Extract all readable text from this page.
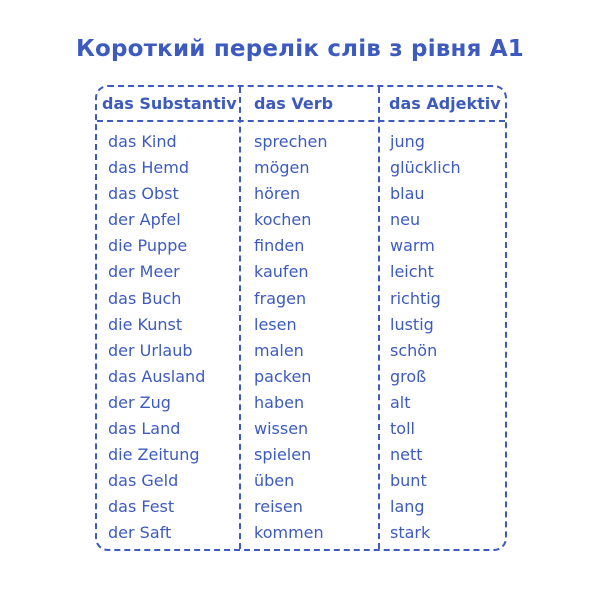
Короткий перелік слів з рівня А1
das Substantiv das Verb	das Adjektiv
das Kind
das Hemd
das Obst
der Apfel
die Puppe
der Meer
das Buch
die Kunst
der Urlaub
das Ausland
der Zug
das Land
die Zeitung
das Geld
das Fest
der Saft
sprechen
mögen
hören
kochen
finden
kaufen
fragen
lesen
malen
packen
haben
wissen
spielen
üben
reisen
kommen
jung
glücklich
blau
neu
warm
leicht
richtig
lustig
schön
groß
alt
toll
nett
bunt
lang
stark
